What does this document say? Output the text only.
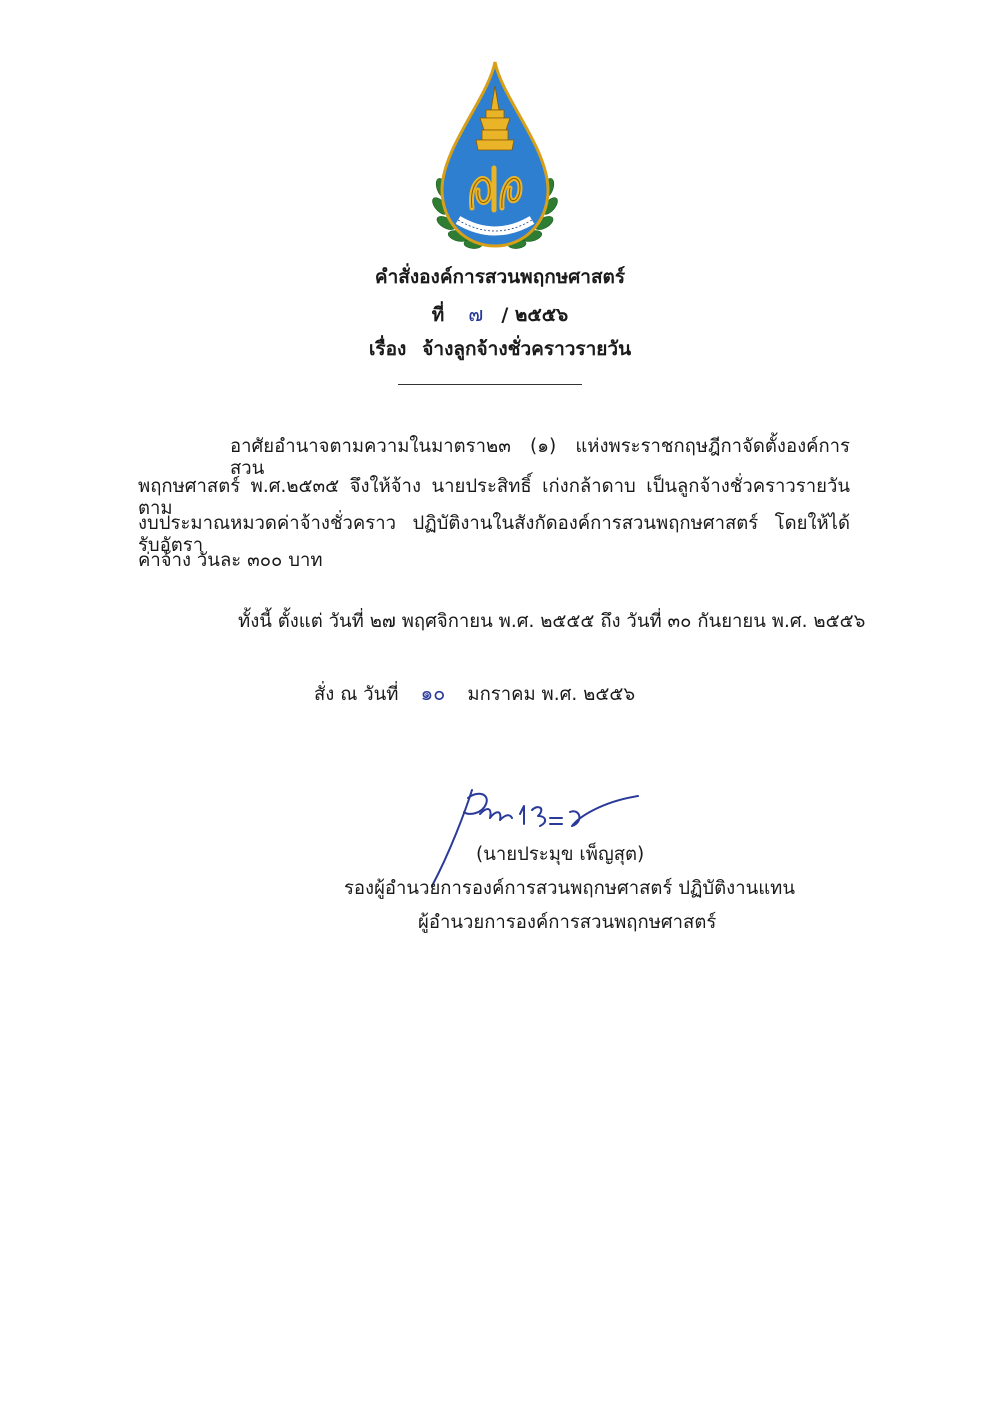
คำสั่งองค์การสวนพฤกษศาสตร์
ที่ ๗ / ๒๕๕๖
เรื่อง จ้างลูกจ้างชั่วคราวรายวัน
อาศัยอำนาจตามความในมาตรา๒๓ (๑) แห่งพระราชกฤษฎีกาจัดตั้งองค์การสวน
พฤกษศาสตร์ พ.ศ.๒๕๓๕ จึงให้จ้าง นายประสิทธิ์ เก่งกล้าดาบ เป็นลูกจ้างชั่วคราวรายวันตาม
งบประมาณหมวดค่าจ้างชั่วคราว ปฏิบัติงานในสังกัดองค์การสวนพฤกษศาสตร์ โดยให้ได้รับอัตรา
ค่าจ้าง วันละ ๓๐๐ บาท
ทั้งนี้ ตั้งแต่ วันที่ ๒๗ พฤศจิกายน พ.ศ. ๒๕๕๕ ถึง วันที่ ๓๐ กันยายน พ.ศ. ๒๕๕๖
สั่ง ณ วันที่ ๑๐ มกราคม พ.ศ. ๒๕๕๖
(นายประมุข เพ็ญสุต)
รองผู้อำนวยการองค์การสวนพฤกษศาสตร์ ปฏิบัติงานแทน
ผู้อำนวยการองค์การสวนพฤกษศาสตร์
